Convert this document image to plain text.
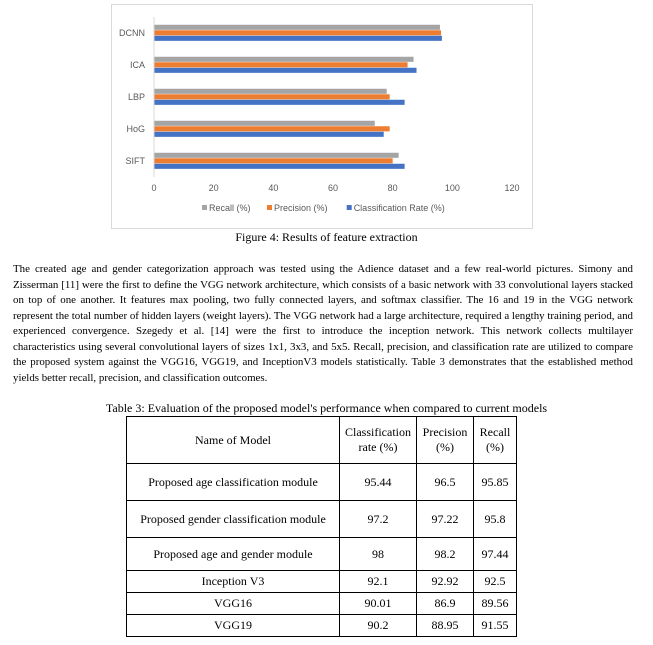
DCNN
ICA
LBP
HoG
SIFT
0	20	40	60	80	100	120
Recall (%)	Precision (%)	Classification Rate (%)
Figure 4: Results of feature extraction

The created age and gender categorization approach was tested using the Adience dataset and a few real-world pictures. Simony and Zisserman [11] were the first to define the VGG network architecture, which consists of a basic network with 33 convolutional layers stacked on top of one another. It features max pooling, two fully connected layers, and softmax classifier. The 16 and 19 in the VGG network represent the total number of hidden layers (weight layers). The VGG network had a large architecture, required a lengthy training period, and experienced convergence. Szegedy et al. [14] were the first to introduce the inception network. This network collects multilayer characteristics using several convolutional layers of sizes 1x1, 3x3, and 5x5. Recall, precision, and classification rate are utilized to compare the proposed system against the VGG16, VGG19, and InceptionV3 models statistically. Table 3 demonstrates that the established method yields better recall, precision, and classification outcomes.

Table 3: Evaluation of the proposed model's performance when compared to current models
Name of Model	Classification rate (%)	Precision (%)	Recall (%)
Proposed age classification module	95.44	96.5	95.85
Proposed gender classification module	97.2	97.22	95.8
Proposed age and gender module	98	98.2	97.44
Inception V3	92.1	92.92	92.5
VGG16	90.01	86.9	89.56
VGG19	90.2	88.95	91.55
